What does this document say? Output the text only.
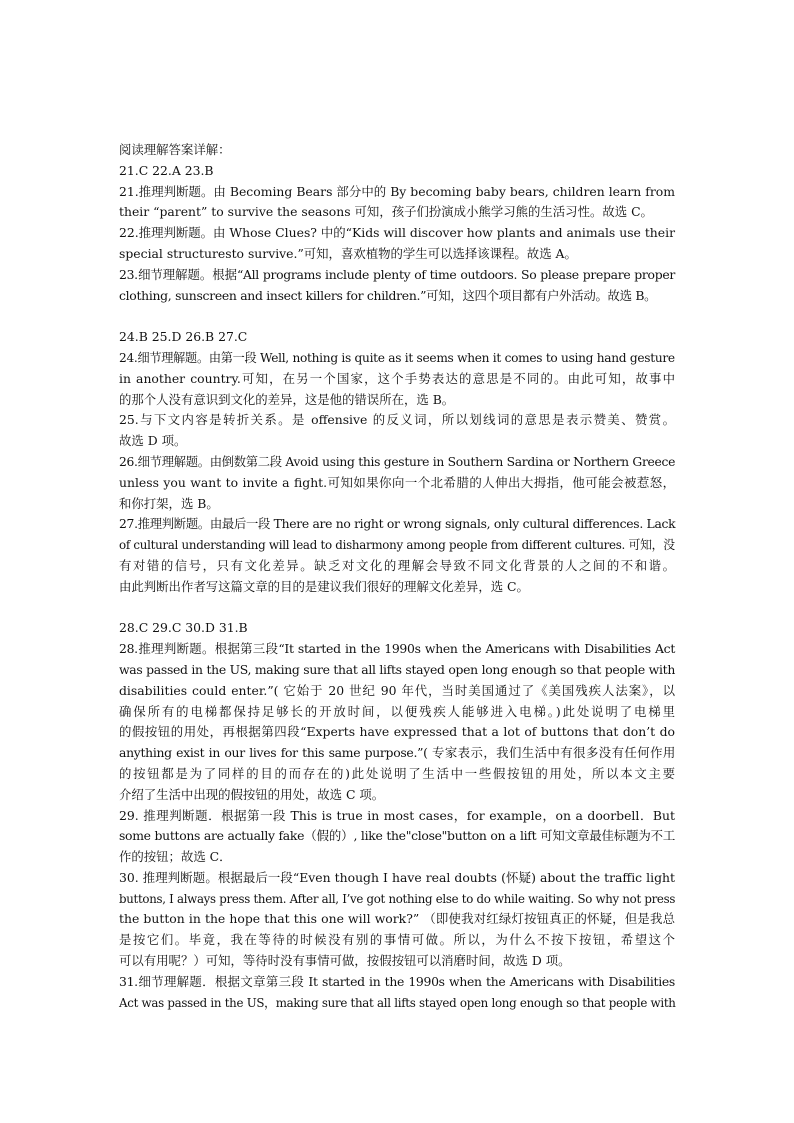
阅读理解答案详解：
21.C 22.A 23.B
21.推理判断题。由 Becoming Bears 部分中的 By becoming baby bears, children learn from
their “parent” to survive the seasons 可知，孩子们扮演成小熊学习熊的生活习性。故选 C。
22.推理判断题。由 Whose Clues? 中的“Kids will discover how plants and animals use their
special structuresto survive.”可知，喜欢植物的学生可以选择该课程。故选 A。
23.细节理解题。根据“All programs include plenty of time outdoors. So please prepare proper
clothing, sunscreen and insect killers for children.”可知，这四个项目都有户外活动。故选 B。
24.B 25.D 26.B 27.C
24.细节理解题。由第一段 Well, nothing is quite as it seems when it comes to using hand gesture
in another country.可知，在另一个国家，这个手势表达的意思是不同的。由此可知，故事中
的那个人没有意识到文化的差异，这是他的错误所在，选 B。
25.与下文内容是转折关系。是 offensive 的反义词，所以划线词的意思是表示赞美、赞赏。
故选 D 项。
26.细节理解题。由倒数第二段 Avoid using this gesture in Southern Sardina or Northern Greece
unless you want to invite a fight.可知如果你向一个北希腊的人伸出大拇指，他可能会被惹怒，
和你打架，选 B。
27.推理判断题。由最后一段 There are no right or wrong signals, only cultural differences. Lack
of cultural understanding will lead to disharmony among people from different cultures. 可知，没
有对错的信号，只有文化差异。缺乏对文化的理解会导致不同文化背景的人之间的不和谐。
由此判断出作者写这篇文章的目的是建议我们很好的理解文化差异，选 C。
28.C 29.C 30.D 31.B
28.推理判断题。根据第三段“It started in the 1990s when the Americans with Disabilities Act
was passed in the US, making sure that all lifts stayed open long enough so that people with
disabilities could enter.”( 它始于 20 世纪 90 年代，当时美国通过了《美国残疾人法案》，以
确保所有的电梯都保持足够长的开放时间，以便残疾人能够进入电梯。)此处说明了电梯里
的假按钮的用处，再根据第四段“Experts have expressed that a lot of buttons that don’t do
anything exist in our lives for this same purpose.”( 专家表示，我们生活中有很多没有任何作用
的按钮都是为了同样的目的而存在的)此处说明了生活中一些假按钮的用处，所以本文主要
介绍了生活中出现的假按钮的用处，故选 C 项。
29. 推理判断题．根据第一段 This is true in most cases，for example，on a doorbell．But
some buttons are actually fake（假的）, like the"close"button on a lift 可知文章最佳标题为不工
作的按钮；故选 C．
30. 推理判断题。根据最后一段“Even though I have real doubts (怀疑) about the traffic light
buttons, I always press them. After all, I’ve got nothing else to do while waiting. So why not press
the button in the hope that this one will work?” （即使我对红绿灯按钮真正的怀疑，但是我总
是按它们。毕竟，我在等待的时候没有别的事情可做。所以，为什么不按下按钮，希望这个
可以有用呢？）可知，等待时没有事情可做，按假按钮可以消磨时间，故选 D 项。
31.细节理解题．根据文章第三段 It started in the 1990s when the Americans with Disabilities
Act was passed in the US，making sure that all lifts stayed open long enough so that people with
